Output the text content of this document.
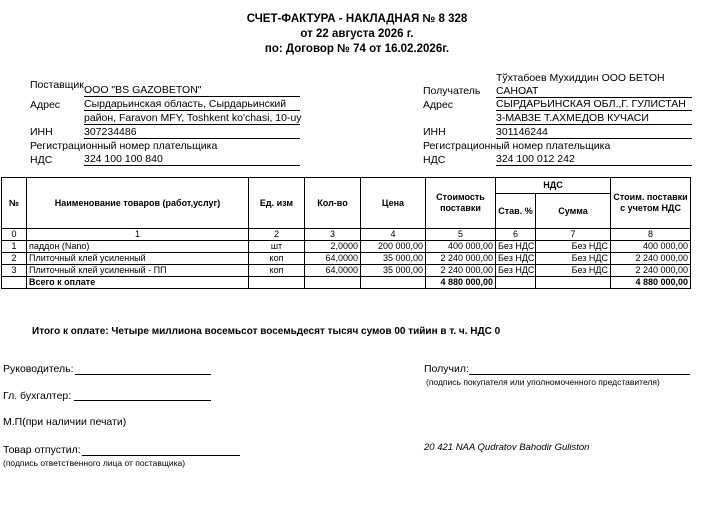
СЧЕТ-ФАКТУРА - НАКЛАДНАЯ № 8 328
от 22 августа 2026 г.
по: Договор № 74 от 16.02.2026г.
Поставщик ООО "BS GAZOBETON"
Адрес Сырдарьинская область, Сырдарьинский
район, Faravon MFY, Toshkent ko'chasi, 10-uy
ИНН	307234486
Регистрационный номер плательщика
НДС	324 100 100 840
Тўхтабоев Мухиддин ООО БЕТОН
Получатель САНОАТ
Адрес	СЫРДАРЬИНСКАЯ ОБЛ.,Г. ГУЛИСТАН
3-МАВЗЕ Т.АХМЕДОВ КУЧАСИ
ИНН	301146244
Регистрационный номер плательщика
НДС	324 100 012 242
№	Наименование товаров (работ,услуг)	Ед. изм	Кол-во	Цена	Стоимость поставки	НДС		Стоим. поставки с учетом НДС
						Став. %	Сумма	
0	1	2	3	4	5	6	7	8
1	паддон (Nano)	шт	2,0000	200 000,00	400 000,00	Без НДС	Без НДС	400 000,00
2	Плиточный клей усиленный	коп	64,0000	35 000,00	2 240 000,00	Без НДС	Без НДС	2 240 000,00
3	Плиточный клей усиленный - ПП	коп	64,0000	35 000,00	2 240 000,00	Без НДС	Без НДС	2 240 000,00
	Всего к оплате				4 880 000,00			4 880 000,00
Итого к оплате: Четыре миллиона восемьсот восемьдесят тысяч сумов 00 тийин в т. ч. НДС 0
Руководитель:
Гл. бухгалтер:
М.П(при наличии печати)
Товар отпустил:
(подпись ответственного лица от поставщика)
Получил:
(подпись покупателя или уполномоченного представителя)
20 421 NAA Qudratov Bahodir Guliston
